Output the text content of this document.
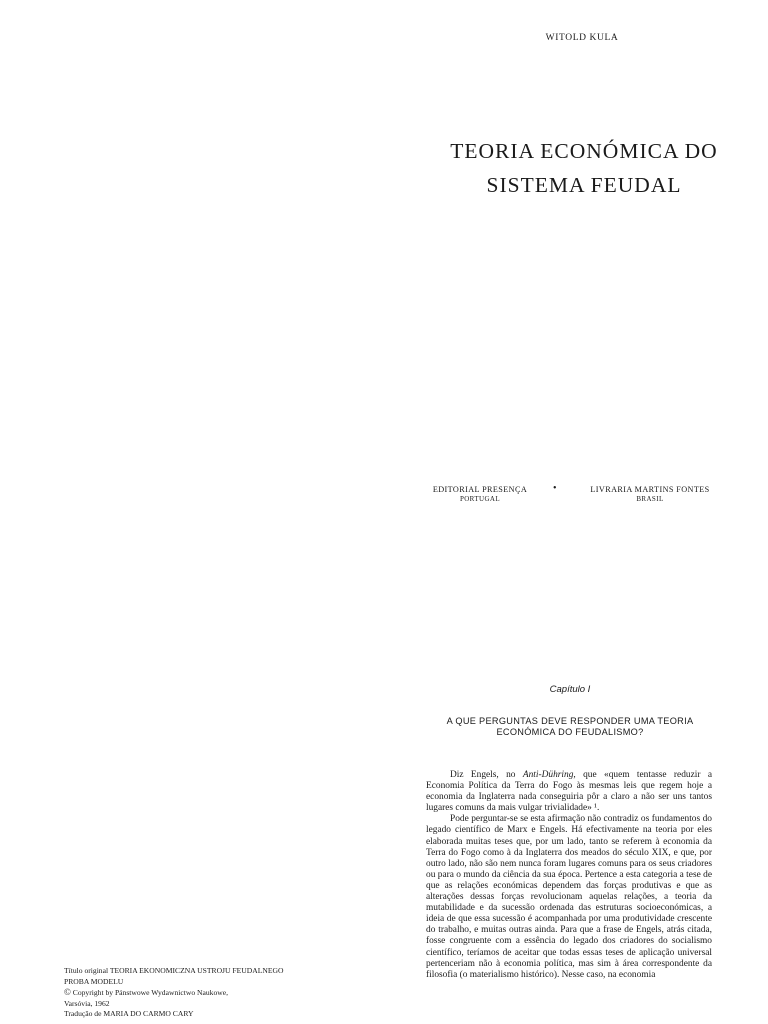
WITOLD KULA
TEORIA ECONÓMICA DO
SISTEMA FEUDAL
EDITORIAL PRESENÇA
PORTUGAL
•	LIVRARIA MARTINS FONTES
BRASIL
Capítulo I
A QUE PERGUNTAS DEVE RESPONDER UMA TEORIA
ECONÓMICA DO FEUDALISMO?

Diz Engels, no Anti-Dühring, que «quem tentasse reduzir a Economia Política da Terra do Fogo às mesmas leis que regem hoje a economia da Inglaterra nada conseguiria pôr a claro a não ser uns tantos lugares comuns da mais vulgar trivialidade» ¹.

Pode perguntar-se se esta afirmação não contradiz os fundamentos do legado científico de Marx e Engels. Há efectivamente na teoria por eles elaborada muitas teses que, por um lado, tanto se referem à economia da Terra do Fogo como à da Inglaterra dos meados do século XIX, e que, por outro lado, não são nem nunca foram lugares comuns para os seus criadores ou para o mundo da ciência da sua época. Pertence a esta categoria a tese de que as relações económicas dependem das forças produtivas e que as alterações dessas forças revolucionam aquelas relações, a teoria da mutabilidade e da sucessão ordenada das estruturas socioeconómicas, a ideia de que essa sucessão é acompanhada por uma produtividade crescente do trabalho, e muitas outras ainda. Para que a frase de Engels, atrás citada, fosse congruente com a essência do legado dos criadores do socialismo científico, teríamos de aceitar que todas essas teses de aplicação universal pertenceriam não à economia política, mas sim à área correspondente da filosofia (o materialismo histórico). Nesse caso, na economia

Título original TEORIA EKONOMICZNA USTROJU FEUDALNEGO
PROBA MODELU
© Copyright by Pánstwowe Wydawnictwo Naukowe,
Varsóvia, 1962
Tradução de MARIA DO CARMO CARY
